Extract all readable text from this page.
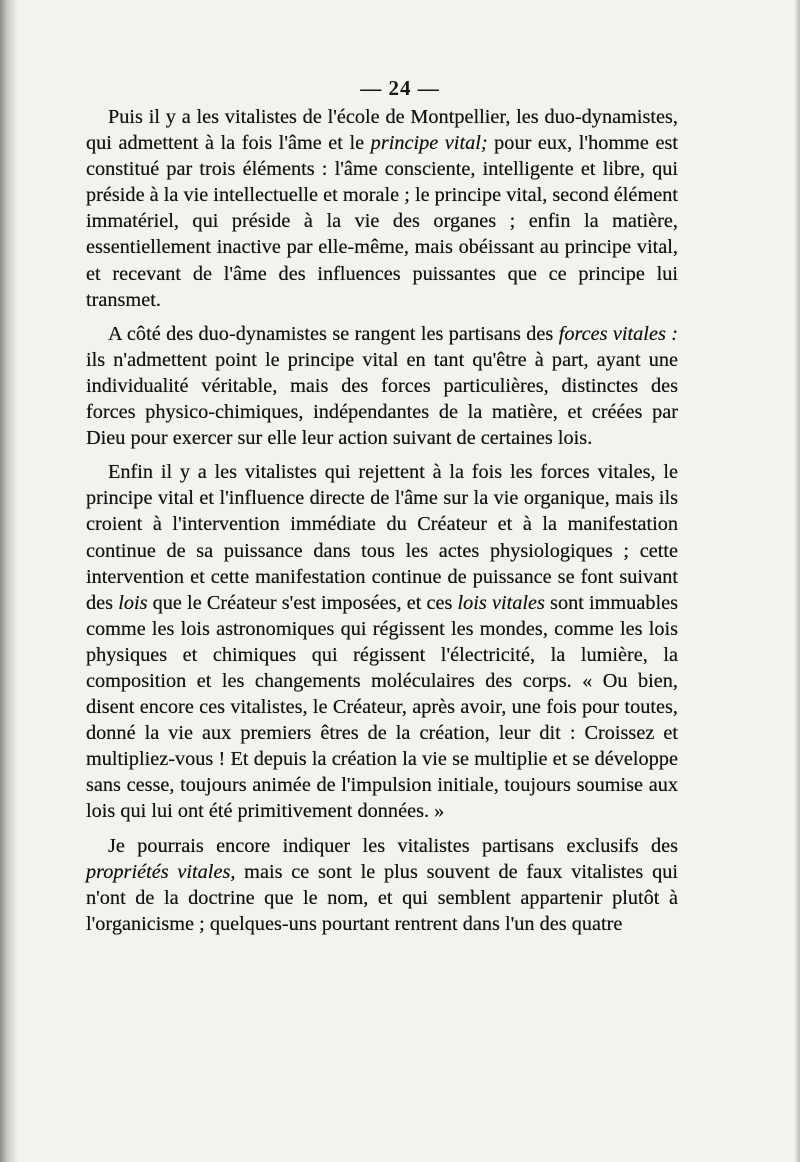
— 24 —

Puis il y a les vitalistes de l'école de Montpellier, les duo-dynamistes, qui admettent à la fois l'âme et le principe vital; pour eux, l'homme est constitué par trois éléments : l'âme consciente, intelligente et libre, qui préside à la vie intellectuelle et morale ; le principe vital, second élément immatériel, qui préside à la vie des organes ; enfin la matière, essentiellement inactive par elle-même, mais obéissant au principe vital, et recevant de l'âme des influences puissantes que ce principe lui transmet.

A côté des duo-dynamistes se rangent les partisans des forces vitales : ils n'admettent point le principe vital en tant qu'être à part, ayant une individualité véritable, mais des forces particulières, distinctes des forces physico-chimiques, indépendantes de la matière, et créées par Dieu pour exercer sur elle leur action suivant de certaines lois.

Enfin il y a les vitalistes qui rejettent à la fois les forces vitales, le principe vital et l'influence directe de l'âme sur la vie organique, mais ils croient à l'intervention immédiate du Créateur et à la manifestation continue de sa puissance dans tous les actes physiologiques ; cette intervention et cette manifestation continue de puissance se font suivant des lois que le Créateur s'est imposées, et ces lois vitales sont immuables comme les lois astronomiques qui régissent les mondes, comme les lois physiques et chimiques qui régissent l'électricité, la lumière, la composition et les changements moléculaires des corps. « Ou bien, disent encore ces vitalistes, le Créateur, après avoir, une fois pour toutes, donné la vie aux premiers êtres de la création, leur dit : Croissez et multipliez-vous ! Et depuis la création la vie se multiplie et se développe sans cesse, toujours animée de l'impulsion initiale, toujours soumise aux lois qui lui ont été primitivement données. »

Je pourrais encore indiquer les vitalistes partisans exclusifs des propriétés vitales, mais ce sont le plus souvent de faux vitalistes qui n'ont de la doctrine que le nom, et qui semblent appartenir plutôt à l'organicisme ; quelques-uns pourtant rentrent dans l'un des quatre
